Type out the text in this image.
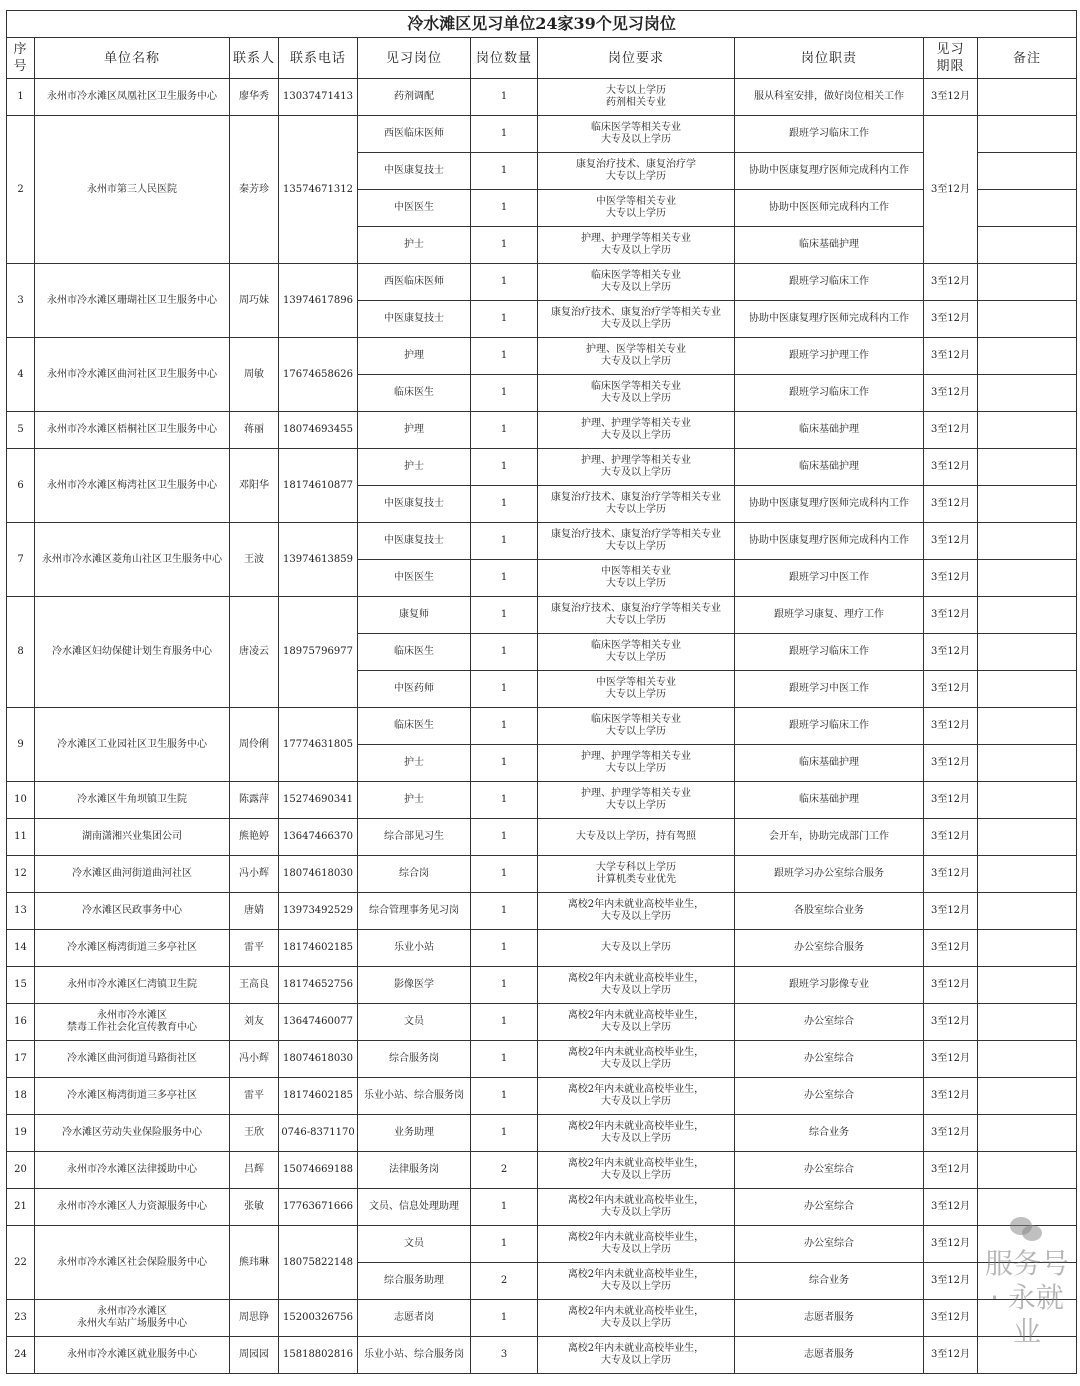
冷水滩区见习单位24家39个见习岗位									
序号	单位名称	联系人	联系电话	见习岗位	岗位数量	岗位要求	岗位职责	见习
期限	备注
1	永州市冷水滩区凤凰社区卫生服务中心	廖华秀	13037471413	药剂调配	1	大专以上学历
药剂相关专业	服从科室安排，做好岗位相关工作	3至12月	
2	永州市第三人民医院	秦芳珍	13574671312	西医临床医师	1	临床医学等相关专业
大专及以上学历	跟班学习临床工作	3至12月	
				中医康复技士	1	康复治疗技术、康复治疗学
大专以上学历	协助中医康复理疗医师完成科内工作		
				中医医生	1	中医学等相关专业
大专以上学历	协助中医医师完成科内工作		
				护士	1	护理、护理学等相关专业
大专及以上学历	临床基础护理		
3	永州市冷水滩区珊瑚社区卫生服务中心	周巧妹	13974617896	西医临床医师	1	临床医学等相关专业
大专及以上学历	跟班学习临床工作	3至12月	
				中医康复技士	1	康复治疗技术、康复治疗学等相关专业
大专及以上学历	协助中医康复理疗医师完成科内工作	3至12月	
4	永州市冷水滩区曲河社区卫生服务中心	周敏	17674658626	护理	1	护理、医学等相关专业
大专及以上学历	跟班学习护理工作	3至12月	
				临床医生	1	临床医学等相关专业
大专及以上学历	跟班学习临床工作	3至12月	
5	永州市冷水滩区梧桐社区卫生服务中心	蒋丽	18074693455	护理	1	护理、护理学等相关专业
大专及以上学历	临床基础护理	3至12月	
6	永州市冷水滩区梅湾社区卫生服务中心	邓阳华	18174610877	护士	1	护理、护理学等相关专业
大专及以上学历	临床基础护理	3至12月	
				中医康复技士	1	康复治疗技术、康复治疗学等相关专业
大专以上学历	协助中医康复理疗医师完成科内工作	3至12月	
7	永州市冷水滩区菱角山社区卫生服务中心	王波	13974613859	中医康复技士	1	康复治疗技术、康复治疗学等相关专业
大专以上学历	协助中医康复理疗医师完成科内工作	3至12月	
				中医医生	1	中医等相关专业
大专以上学历	跟班学习中医工作	3至12月	
8	冷水滩区妇幼保健计划生育服务中心	唐凌云	18975796977	康复师	1	康复治疗技术、康复治疗学等相关专业
大专以上学历	跟班学习康复、理疗工作	3至12月	
				临床医生	1	临床医学等相关专业
大专以上学历	跟班学习临床工作	3至12月	
				中医药师	1	中医学等相关专业
大专以上学历	跟班学习中医工作	3至12月	
9	冷水滩区工业园社区卫生服务中心	周伶俐	17774631805	临床医生	1	临床医学等相关专业
大专以上学历	跟班学习临床工作	3至12月	
				护士	1	护理、护理学等相关专业
大专以上学历	临床基础护理	3至12月	
10	冷水滩区牛角坝镇卫生院	陈露萍	15274690341	护士	1	护理、护理学等相关专业
大专以上学历	临床基础护理	3至12月	
11	湖南潇湘兴业集团公司	熊艳婷	13647466370	综合部见习生	1	大专及以上学历，持有驾照	会开车，协助完成部门工作	3至12月	
12	冷水滩区曲河街道曲河社区	冯小辉	18074618030	综合岗	1	大学专科以上学历
计算机类专业优先	跟班学习办公室综合服务	3至12月	
13	冷水滩区民政事务中心	唐婧	13973492529	综合管理事务见习岗	1	离校2年内未就业高校毕业生，
大专及以上学历	各股室综合业务	3至12月	
14	冷水滩区梅湾街道三多亭社区	雷平	18174602185	乐业小站	1	大专及以上学历	办公室综合服务	3至12月	
15	永州市冷水滩区仁湾镇卫生院	王高良	18174652756	影像医学	1	离校2年内未就业高校毕业生，
大专及以上学历	跟班学习影像专业	3至12月	
16	永州市冷水滩区
禁毒工作社会化宣传教育中心	刘友	13647460077	文员	1	离校2年内未就业高校毕业生，
大专及以上学历	办公室综合	3至12月	
17	冷水滩区曲河街道马路街社区	冯小辉	18074618030	综合服务岗	1	离校2年内未就业高校毕业生，
大专及以上学历	办公室综合	3至12月	
18	冷水滩区梅湾街道三多亭社区	雷平	18174602185	乐业小站、综合服务岗	1	离校2年内未就业高校毕业生，
大专及以上学历	办公室综合	3至12月	
19	冷水滩区劳动失业保险服务中心	王欣	0746-8371170	业务助理	1	离校2年内未就业高校毕业生，
大专及以上学历	综合业务	3至12月	
20	永州市冷水滩区法律援助中心	吕辉	15074669188	法律服务岗	2	离校2年内未就业高校毕业生，
大专及以上学历	办公室综合	3至12月	
21	永州市冷水滩区人力资源服务中心	张敏	17763671666	文员、信息处理助理	1	离校2年内未就业高校毕业生，
大专及以上学历	办公室综合	3至12月	
22	永州市冷水滩区社会保险服务中心	熊玮琳	18075822148	文员	1	离校2年内未就业高校毕业生，
大专及以上学历	办公室综合	3至12月	
				综合服务助理	2	离校2年内未就业高校毕业生，
大专及以上学历	综合业务	3至12月	
23	永州市冷水滩区
永州火车站广场服务中心	周思铮	15200326756	志愿者岗	1	离校2年内未就业高校毕业生，
大专及以上学历	志愿者服务	3至12月	
24	永州市冷水滩区就业服务中心	周园园	15818802816	乐业小站、综合服务岗	3	离校2年内未就业高校毕业生，
大专及以上学历	志愿者服务	3至12月	
服务号 · 永就业
